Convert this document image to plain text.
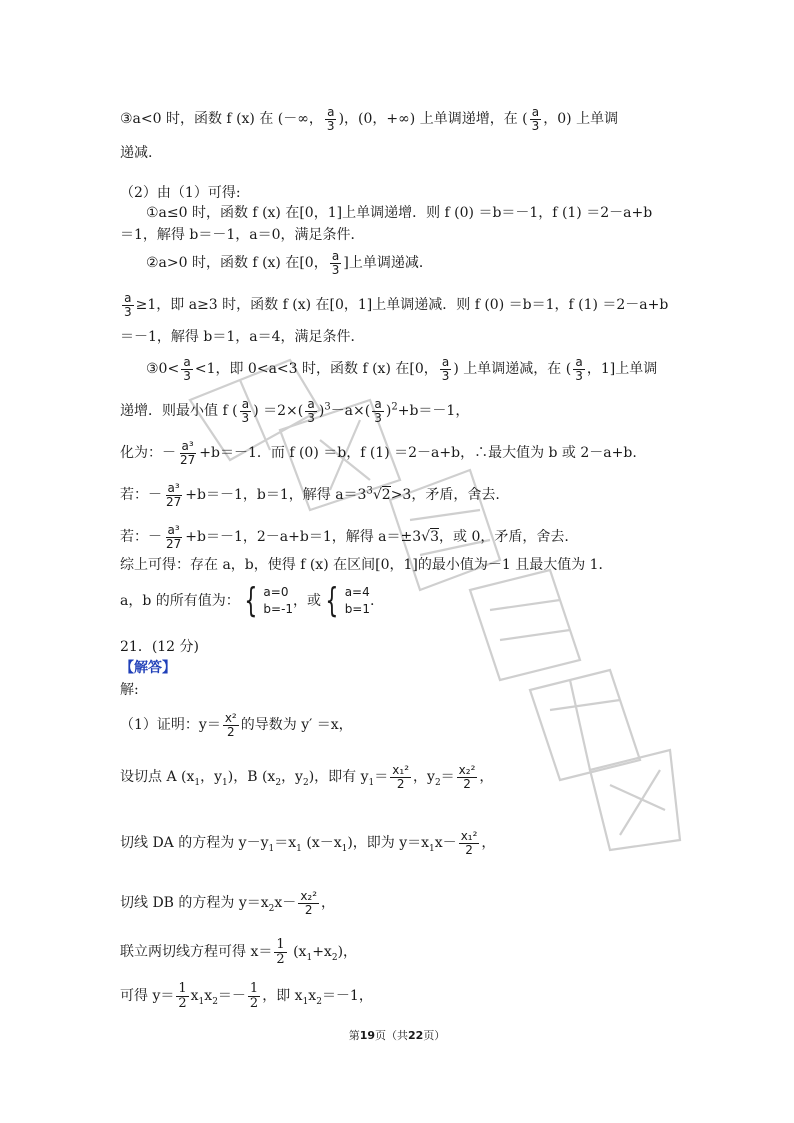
③a<0 时，函数 f (x) 在 (－∞， $\frac{a}{3}$ )，(0，+∞) 上单调递增，在 ( $\frac{a}{3}$ ，0) 上单调
递减.
（2）由（1）可得:
①a≤0 时，函数 f (x) 在[0，1]上单调递增．则 f (0) ＝b＝－1，f (1) ＝2－a+b
＝1，解得 b＝－1，a＝0，满足条件．
②a>0 时，函数 f (x) 在[0， $\frac{a}{3}$ ]上单调递减．
$\frac{a}{3} \ge 1$，即 a≥3 时，函数 f (x) 在[0，1]上单调递减．则 f (0) ＝b＝1，f (1) ＝2－a+b
＝－1，解得 b＝1，a＝4，满足条件．
③0< $\frac{a}{3} <1$，即 0<a<3 时，函数 f (x) 在[0， $\frac{a}{3}$ ) 上单调递减，在 ( $\frac{a}{3}$ ，1]上单调
递增．则最小值 f ( $\frac{a}{3}$ ) $=2\times( \frac{a}{3} )^3-a\times( \frac{a}{3} )^2+b=-1$，
化为：－ $\frac{\text{a³}}{27} +b=-1$．而 f (0) ＝b，f (1) ＝2－a+b，∴最大值为 b 或 2－a+b.
若：－ $\frac{\text{a³}}{27} +b=-1$，b＝1，解得 $a=3^3√2>3$，矛盾，舍去.
若：－ $\frac{\text{a³}}{27} +b=-1$，2－a+b＝1，解得 a＝±3√3，或 0，矛盾，舍去.
综上可得：存在 a，b，使得 f (x) 在区间[0，1]的最小值为－1 且最大值为 1．
a，b 的所有值为： { a=0
b=-1 ，或 { a=4
b=1 .
21．(12 分)
【解答】
解:
（1）证明：$y= \frac{\text{x²}}{2}$ 的导数为 y′ ＝x，
设切点 A ($x_1$，$y_1$)，B ($x_2$，$y_2$)，即有 $y_1= \frac{\text{x₁²}}{2}$ ，$y_2= \frac{\text{x₂²}}{2}$ ，
切线 DA 的方程为 $y-y_1=x_1$ $(x-x_1)$，即为 $y=x_1x- \frac{\text{x₁²}}{2}$ ，
切线 DB 的方程为 $y=x_2x- \frac{\text{x₂²}}{2}$ ，
联立两切线方程可得 $x= \frac{1}{2} (x_1+x_2)$，
可得 $y= \frac{1}{2} x_1x_2=- \frac{1}{2}$ ，即 $x_1x_2=-1$，
第19页（共22页）
